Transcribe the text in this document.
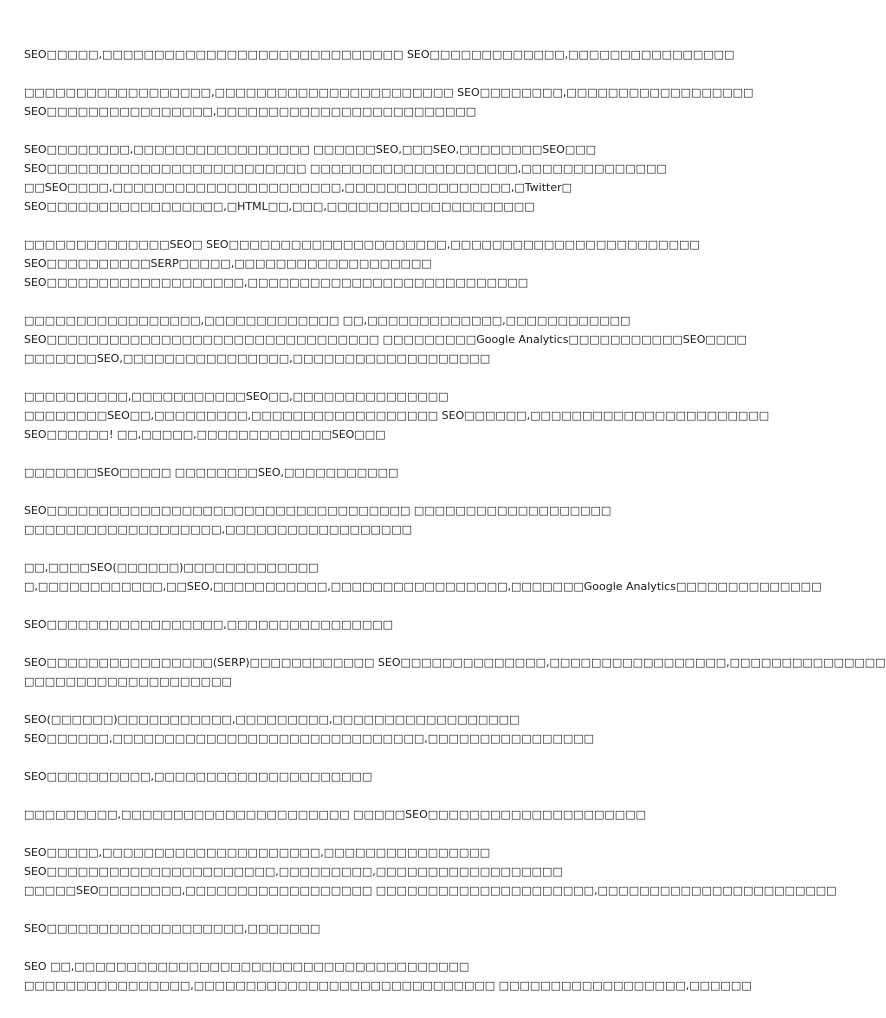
SEO□□□□□,□□□□□□□□□□□□□□□□□□□□□□□□□□□□□ SEO□□□□□□□□□□□□□,□□□□□□□□□□□□□□□□
□□□□□□□□□□□□□□□□□□,□□□□□□□□□□□□□□□□□□□□□□□ SEO□□□□□□□□,□□□□□□□□□□□□□□□□□□
SEO□□□□□□□□□□□□□□□□,□□□□□□□□□□□□□□□□□□□□□□□□□
SEO□□□□□□□□,□□□□□□□□□□□□□□□□□ □□□□□□SEO,□□□SEO,□□□□□□□□SEO□□□
SEO□□□□□□□□□□□□□□□□□□□□□□□□□ □□□□□□□□□□□□□□□□□□□□,□□□□□□□□□□□□□□
□□SEO□□□□,□□□□□□□□□□□□□□□□□□□□□□,□□□□□□□□□□□□□□□□,□Twitter□
SEO□□□□□□□□□□□□□□□□□,□HTML□□,□□□,□□□□□□□□□□□□□□□□□□□□
□□□□□□□□□□□□□□SEO□ SEO□□□□□□□□□□□□□□□□□□□□□,□□□□□□□□□□□□□□□□□□□□□□□□
SEO□□□□□□□□□□SERP□□□□□,□□□□□□□□□□□□□□□□□□□
SEO□□□□□□□□□□□□□□□□□□□,□□□□□□□□□□□□□□□□□□□□□□□□□□□
□□□□□□□□□□□□□□□□□,□□□□□□□□□□□□□ □□,□□□□□□□□□□□□□,□□□□□□□□□□□□
SEO□□□□□□□□□□□□□□□□□□□□□□□□□□□□□□□□ □□□□□□□□□Google Analytics□□□□□□□□□□□SEO□□□□
□□□□□□□SEO,□□□□□□□□□□□□□□□□,□□□□□□□□□□□□□□□□□□□
□□□□□□□□□□,□□□□□□□□□□□SEO□□,□□□□□□□□□□□□□□□
□□□□□□□□SEO□□,□□□□□□□□□,□□□□□□□□□□□□□□□□□□ SEO□□□□□□,□□□□□□□□□□□□□□□□□□□□□□□
SEO□□□□□□! □□,□□□□□,□□□□□□□□□□□□□SEO□□□
□□□□□□□SEO□□□□□ □□□□□□□□SEO,□□□□□□□□□□□
SEO□□□□□□□□□□□□□□□□□□□□□□□□□□□□□□□□□□□ □□□□□□□□□□□□□□□□□□□
□□□□□□□□□□□□□□□□□□□,□□□□□□□□□□□□□□□□□□
□□,□□□□SEO(□□□□□□)□□□□□□□□□□□□□
□,□□□□□□□□□□□□,□□SEO,□□□□□□□□□□□,□□□□□□□□□□□□□□□□□,□□□□□□□Google Analytics□□□□□□□□□□□□□□
SEO□□□□□□□□□□□□□□□□□,□□□□□□□□□□□□□□□□
SEO□□□□□□□□□□□□□□□□(SERP)□□□□□□□□□□□□ SEO□□□□□□□□□□□□□□,□□□□□□□□□□□□□□□□□,□□□□□□□□□□□□□□□
□□□□□□□□□□□□□□□□□□□□
SEO(□□□□□□)□□□□□□□□□□□,□□□□□□□□□,□□□□□□□□□□□□□□□□□□
SEO□□□□□□,□□□□□□□□□□□□□□□□□□□□□□□□□□□□□□,□□□□□□□□□□□□□□□□
SEO□□□□□□□□□□,□□□□□□□□□□□□□□□□□□□□□
□□□□□□□□□,□□□□□□□□□□□□□□□□□□□□□□ □□□□□SEO□□□□□□□□□□□□□□□□□□□□□
SEO□□□□□,□□□□□□□□□□□□□□□□□□□□□,□□□□□□□□□□□□□□□□
SEO□□□□□□□□□□□□□□□□□□□□□□,□□□□□□□□□,□□□□□□□□□□□□□□□□□□
□□□□□SEO□□□□□□□□,□□□□□□□□□□□□□□□□□□ □□□□□□□□□□□□□□□□□□□□□,□□□□□□□□□□□□□□□□□□□□□□□
SEO□□□□□□□□□□□□□□□□□□□,□□□□□□□
SEO □□,□□□□□□□□□□□□□□□□□□□□□□□□□□□□□□□□□□□□□□
□□□□□□□□□□□□□□□□,□□□□□□□□□□□□□□□□□□□□□□□□□□□□□ □□□□□□□□□□□□□□□□□□,□□□□□□
